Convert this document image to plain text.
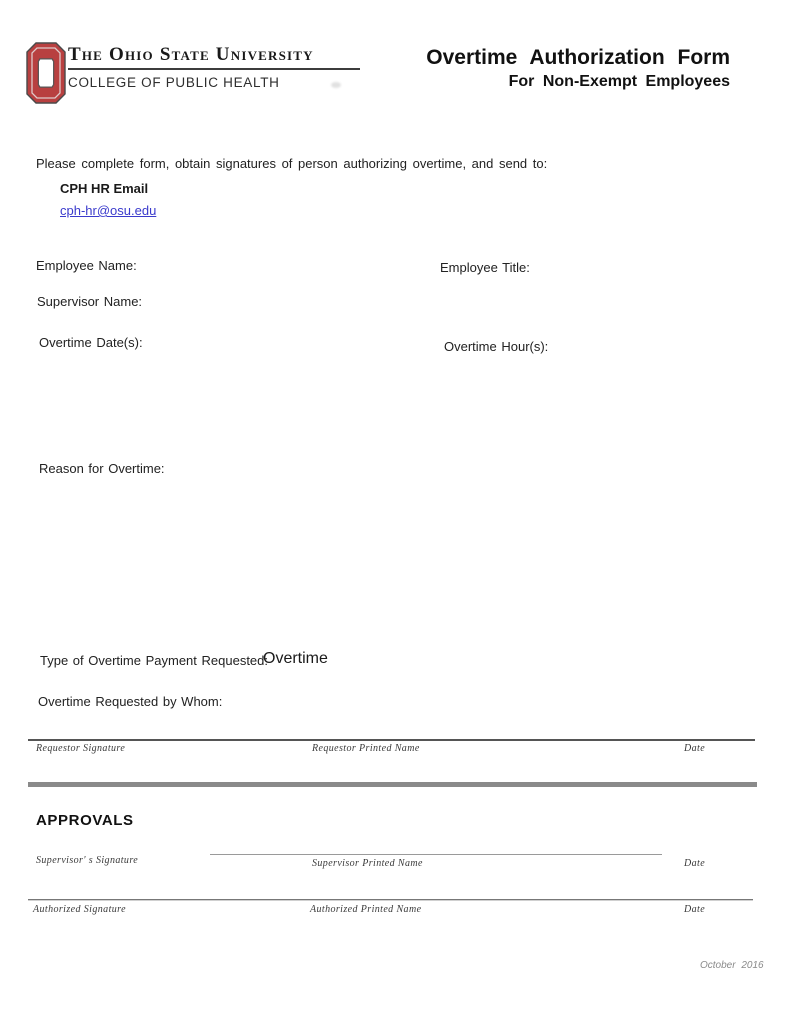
The Ohio State University
COLLEGE OF PUBLIC HEALTH
Overtime Authorization Form
For Non-Exempt Employees
Please complete form, obtain signatures of person authorizing overtime, and send to:
CPH HR Email
cph-hr@osu.edu
Employee Name:	Employee Title:
Supervisor Name:
Overtime Date(s):	Overtime Hour(s):
Reason for Overtime:
Type of Overtime Payment Requested:
Overtime
Overtime Requested by Whom:
Requestor Signature	Requestor Printed Name	Date
APPROVALS
Supervisor' s Signature	Supervisor Printed Name	Date
Authorized Signature	Authorized Printed Name	Date
October 2016
